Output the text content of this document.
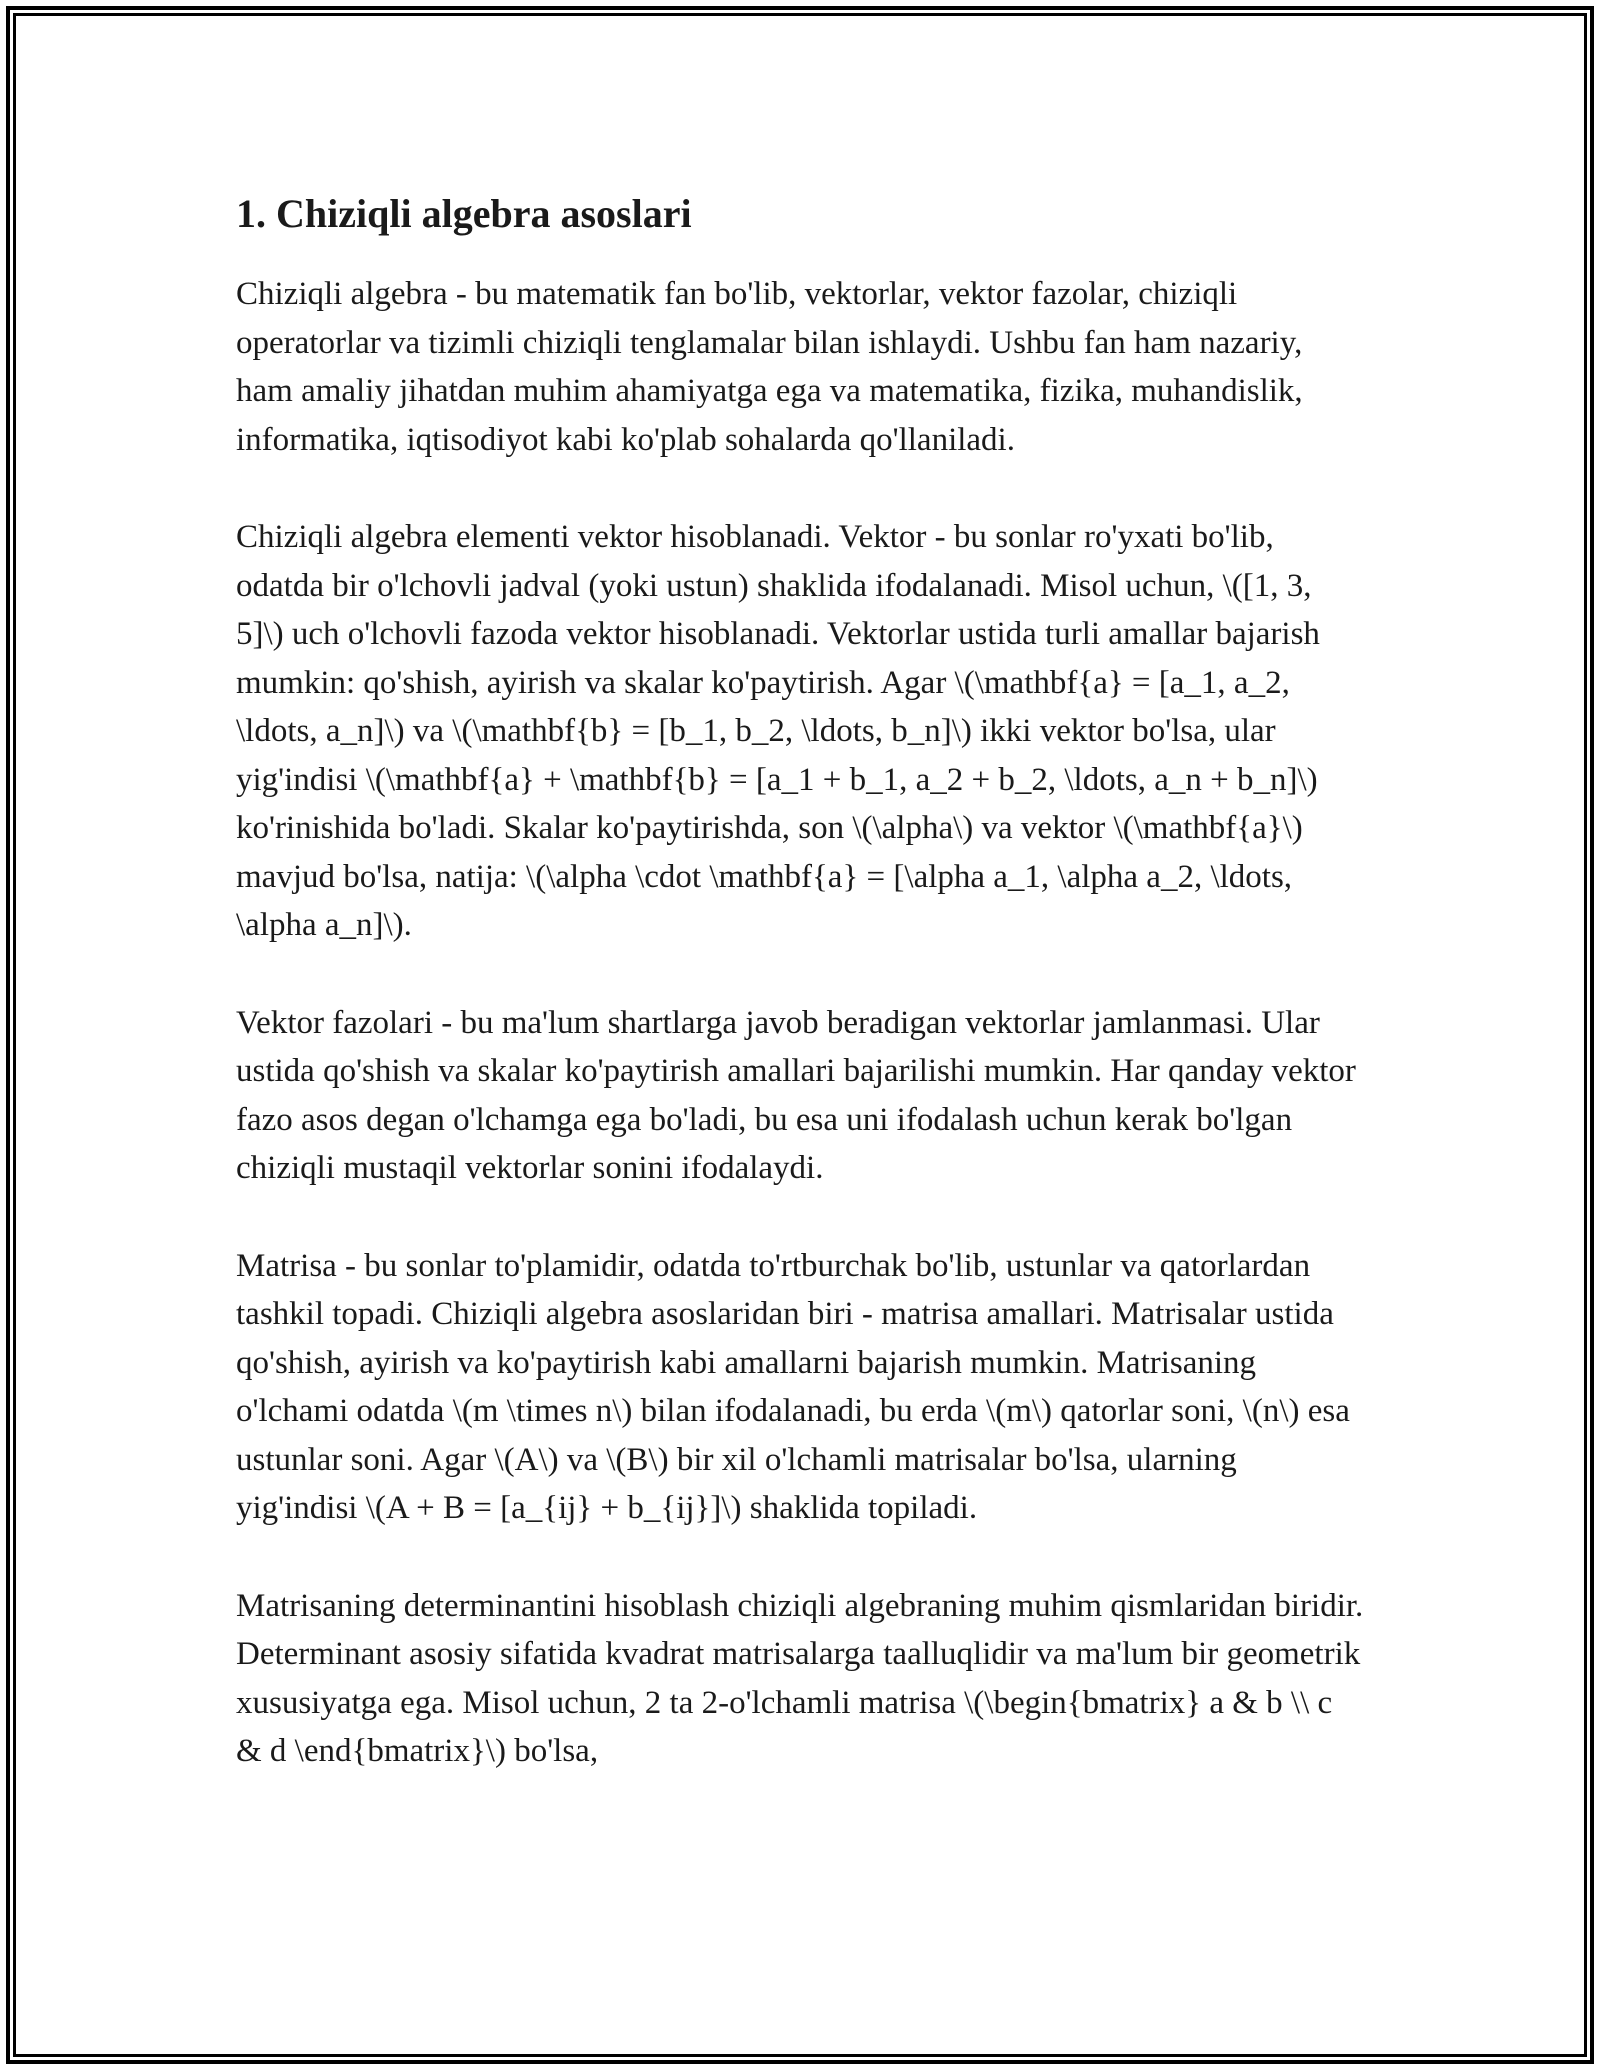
1. Chiziqli algebra asoslari

Chiziqli algebra - bu matematik fan bo'lib, vektorlar, vektor fazolar, chiziqli operatorlar va tizimli chiziqli tenglamalar bilan ishlaydi. Ushbu fan ham nazariy, ham amaliy jihatdan muhim ahamiyatga ega va matematika, fizika, muhandislik, informatika, iqtisodiyot kabi ko'plab sohalarda qo'llaniladi.

Chiziqli algebra elementi vektor hisoblanadi. Vektor - bu sonlar ro'yxati bo'lib, odatda bir o'lchovli jadval (yoki ustun) shaklida ifodalanadi. Misol uchun, \([1, 3, 5]\) uch o'lchovli fazoda vektor hisoblanadi. Vektorlar ustida turli amallar bajarish mumkin: qo'shish, ayirish va skalar ko'paytirish. Agar \(\mathbf{a} = [a_1, a_2, \ldots, a_n]\) va \(\mathbf{b} = [b_1, b_2, \ldots, b_n]\) ikki vektor bo'lsa, ular yig'indisi \(\mathbf{a} + \mathbf{b} = [a_1 + b_1, a_2 + b_2, \ldots, a_n + b_n]\) ko'rinishida bo'ladi. Skalar ko'paytirishda, son \(\alpha\) va vektor \(\mathbf{a}\) mavjud bo'lsa, natija: \(\alpha \cdot \mathbf{a} = [\alpha a_1, \alpha a_2, \ldots, \alpha a_n]\).

Vektor fazolari - bu ma'lum shartlarga javob beradigan vektorlar jamlanmasi. Ular ustida qo'shish va skalar ko'paytirish amallari bajarilishi mumkin. Har qanday vektor fazo asos degan o'lchamga ega bo'ladi, bu esa uni ifodalash uchun kerak bo'lgan chiziqli mustaqil vektorlar sonini ifodalaydi.

Matrisa - bu sonlar to'plamidir, odatda to'rtburchak bo'lib, ustunlar va qatorlardan tashkil topadi. Chiziqli algebra asoslaridan biri - matrisa amallari. Matrisalar ustida qo'shish, ayirish va ko'paytirish kabi amallarni bajarish mumkin. Matrisaning o'lchami odatda \(m \times n\) bilan ifodalanadi, bu erda \(m\) qatorlar soni, \(n\) esa ustunlar soni. Agar \(A\) va \(B\) bir xil o'lchamli matrisalar bo'lsa, ularning yig'indisi \(A + B = [a_{ij} + b_{ij}]\) shaklida topiladi.

Matrisaning determinantini hisoblash chiziqli algebraning muhim qismlaridan biridir. Determinant asosiy sifatida kvadrat matrisalarga taalluqlidir va ma'lum bir geometrik xususiyatga ega. Misol uchun, 2 ta 2-o'lchamli matrisa \(\begin{bmatrix} a & b \\ c & d \end{bmatrix}\) bo'lsa,
